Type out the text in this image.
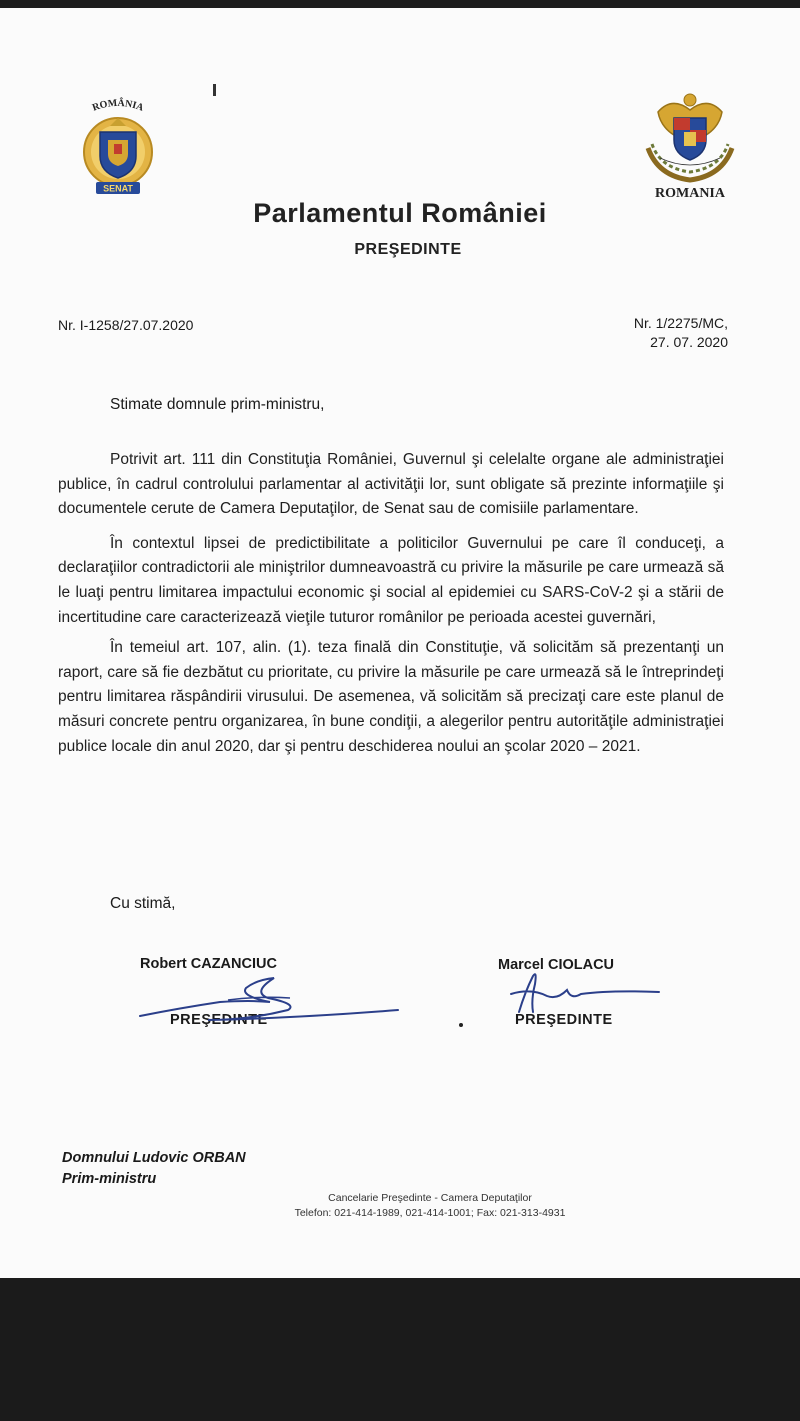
ROMÂNIA
SENAT	ROMANIA
Parlamentul României
PREŞEDINTE
Nr. I-1258/27.07.2020	Nr. 1/2275/MC,
27. 07. 2020
Stimate domnule prim-ministru,

Potrivit art. 111 din Constituţia României, Guvernul şi celelalte organe ale administraţiei publice, în cadrul controlului parlamentar al activităţii lor, sunt obligate să prezinte informaţiile şi documentele cerute de Camera Deputaţilor, de Senat sau de comisiile parlamentare.

În contextul lipsei de predictibilitate a politicilor Guvernului pe care îl conduceţi, a declaraţiilor contradictorii ale miniştrilor dumneavoastră cu privire la măsurile pe care urmează să le luaţi pentru limitarea impactului economic şi social al epidemiei cu SARS-CoV-2 şi a stării de incertitudine care caracterizează vieţile tuturor românilor pe perioada acestei guvernări,

În temeiul art. 107, alin. (1). teza finală din Constituţie, vă solicităm să prezentanţi un raport, care să fie dezbătut cu prioritate, cu privire la măsurile pe care urmează să le întreprindeţi pentru limitarea răspândirii virusului. De asemenea, vă solicităm să precizaţi care este planul de măsuri concrete pentru organizarea, în bune condiţii, a alegerilor pentru autorităţile administraţiei publice locale din anul 2020, dar şi pentru deschiderea noului an şcolar 2020 – 2021.

Cu stimă,
Robert CAZANCIUC
PREŞEDINTE
Marcel CIOLACU
PREŞEDINTE
Domnului Ludovic ORBAN
Prim-ministru
Cancelarie Preşedinte - Camera Deputaţilor
Telefon: 021-414-1989, 021-414-1001; Fax: 021-313-4931
